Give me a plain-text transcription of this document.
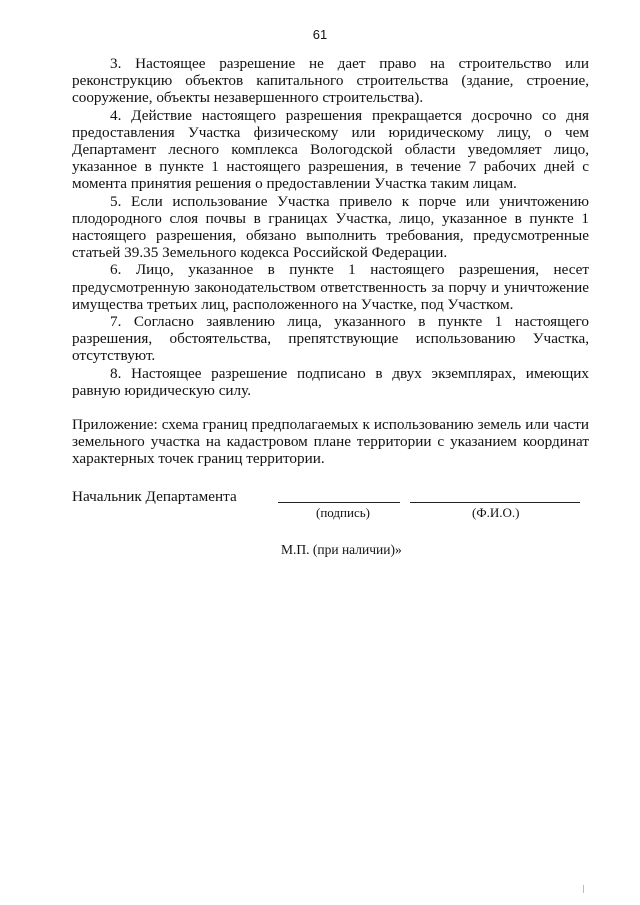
61

3. Настоящее разрешение не дает право на строительство или реконструкцию объектов капитального строительства (здание, строение, сооружение, объекты незавершенного строительства).

4. Действие настоящего разрешения прекращается досрочно со дня предоставления Участка физическому или юридическому лицу, о чем Департамент лесного комплекса Вологодской области уведомляет лицо, указанное в пункте 1 настоящего разрешения, в течение 7 рабочих дней с момента принятия решения о предоставлении Участка таким лицам.

5. Если использование Участка привело к порче или уничтожению плодородного слоя почвы в границах Участка, лицо, указанное в пункте 1 настоящего разрешения, обязано выполнить требования, предусмотренные статьей 39.35 Земельного кодекса Российской Федерации.

6. Лицо, указанное в пункте 1 настоящего разрешения, несет предусмотренную законодательством ответственность за порчу и уничтожение имущества третьих лиц, расположенного на Участке, под Участком.

7. Согласно заявлению лица, указанного в пункте 1 настоящего разрешения, обстоятельства, препятствующие использованию Участка, отсутствуют.

8. Настоящее разрешение подписано в двух экземплярах, имеющих равную юридическую силу.

Приложение: схема границ предполагаемых к использованию земель или части земельного участка на кадастровом плане территории с указанием координат характерных точек границ территории.

Начальник Департамента
(подпись)	(Ф.И.О.)
М.П. (при наличии)»
